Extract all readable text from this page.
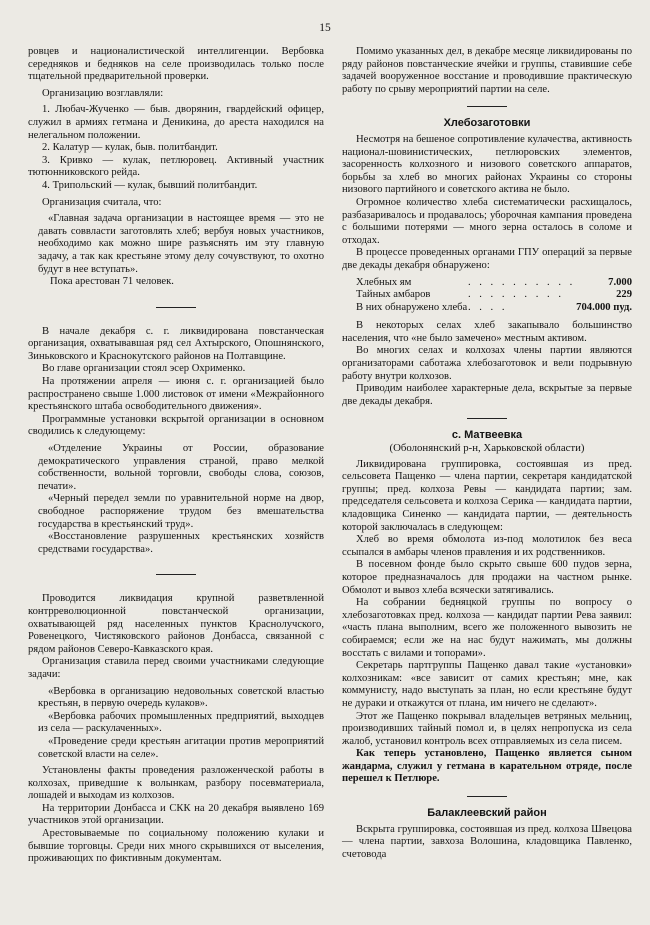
15

ровцев и националистической интеллигенции. Вербовка середняков и бедняков на селе производилась только после тщательной предварительной проверки.

Организацию возглавляли:

1. Любач-Жученко — быв. дворянин, гвардейский офицер, служил в армиях гетмана и Деникина, до ареста находился на нелегальном положении.

2. Калатур — кулак, быв. политбандит.

3. Кривко — кулак, петлюровец. Активный участник тютюнниковского рейда.

4. Трипольский — кулак, бывший политбандит.

Организация считала, что:

«Главная задача организации в настоящее время — это не давать соввласти заготовлять хлеб; вербуя новых участников, необходимо как можно шире разъяснять им эту главную задачу, а так как крестьяне этому делу сочувствуют, то охотно будут в нее вступать».

Пока арестован 71 человек.

В начале декабря с. г. ликвидирована повстанческая организация, охватывавшая ряд сел Ахтырского, Опошнянского, Зиньковского и Краснокутского районов на Полтавщине.

Во главе организации стоял эсер Охрименко.

На протяжении апреля — июня с. г. организацией было распространено свыше 1.000 листовок от имени «Межрайонного крестьянского штаба освободительного движения».

Программные установки вскрытой организации в основном сводились к следующему:

«Отделение Украины от России, образование демократического управления страной, право мелкой собственности, вольной торговли, свободы слова, союзов, печати».

«Черный передел земли по уравнительной норме на двор, свободное распоряжение трудом без вмешательства государства в крестьянский труд».

«Восстановление разрушенных крестьянских хозяйств средствами государства».

Проводится ликвидация крупной разветвленной контрреволюционной повстанческой организации, охватывающей ряд населенных пунктов Краснолучского, Ровенецкого, Чистяковского районов Донбасса, связанной с рядом районов Северо-Кавказского края.

Организация ставила перед своими участниками следующие задачи:

«Вербовка в организацию недовольных советской властью крестьян, в первую очередь кулаков».

«Вербовка рабочих промышленных предприятий, выходцев из села — раскулаченных».

«Проведение среди крестьян агитации против мероприятий советской власти на селе».

Установлены факты проведения разложенческой работы в колхозах, приведшие к волынкам, разбору посевматериала, лошадей и выходам из колхозов.

На территории Донбасса и СКК на 20 декабря выявлено 169 участников этой организации.

Арестовываемые по социальному положению кулаки и бывшие торговцы. Среди них много скрывшихся от выселения, проживающих по фиктивным документам.

Помимо указанных дел, в декабре месяце ликвидированы по ряду районов повстанческие ячейки и группы, ставившие себе задачей вооруженное восстание и проводившие практическую работу по срыву мероприятий партии на селе.

Хлебозаготовки

Несмотря на бешеное сопротивление кулачества, активность национал-шовинистических, петлюровских элементов, засоренность колхозного и низового советского аппаратов, борьбы за хлеб во многих районах Украины со стороны низового партийного и советского актива не было.

Огромное количество хлеба систематически расхищалось, разбазаривалось и продавалось; уборочная кампания проведена с большими потерями — много зерна осталось в соломе и отходах.

В процессе проведенных органами ГПУ операций за первые две декады декабря обнаружено:

Хлебных ям	. . . . . . . . . .	7.000
Тайных амбаров	. . . . . . . . .	229
В них обнаружено хлеба	. . . .	704.000 пуд.

В некоторых селах хлеб закапывало большинство населения, что «не было замечено» местным активом.

Во многих селах и колхозах члены партии являются организаторами саботажа хлебозаготовок и вели подрывную работу внутри колхозов.

Приводим наиболее характерные дела, вскрытые за первые две декады декабря.

с. Матвеевка

(Оболонянский р-н, Харьковской области)

Ликвидирована группировка, состоявшая из пред. сельсовета Пащенко — члена партии, секретаря кандидатской группы; пред. колхоза Ревы — кандидата партии; зам. председателя сельсовета и колхоза Серика — кандидата партии, кладовщика Синенко — кандидата партии, — деятельность которой заключалась в следующем:

Хлеб во время обмолота из-под молотилок без веса ссыпался в амбары членов правления и их родственников.

В посевном фонде было скрыто свыше 600 пудов зерна, которое предназначалось для продажи на частном рынке. Обмолот и вывоз хлеба всячески затягивались.

На собрании бедняцкой группы по вопросу о хлебозаготовках пред. колхоза — кандидат партии Рева заявил: «часть плана выполним, всего же положенного вывозить не собираемся; если же на нас будут нажимать, мы должны восстать с вилами и топорами».

Секретарь партгруппы Пащенко давал такие «установки» колхозникам: «все зависит от самих крестьян; мне, как коммунисту, надо выступать за план, но если крестьяне будут не дураки и откажутся от плана, им ничего не сделают».

Этот же Пащенко покрывал владельцев ветряных мельниц, производивших тайный помол и, в целях непропуска из села жалоб, установил контроль всех отправляемых из села писем.

Как теперь установлено, Пащенко является сыном жандарма, служил у гетмана в карательном отряде, после перешел к Петлюре.

Балаклеевский район

Вскрыта группировка, состоявшая из пред. колхоза Швецова — члена партии, завхоза Волошина, кладовщика Павленко, счетовода
